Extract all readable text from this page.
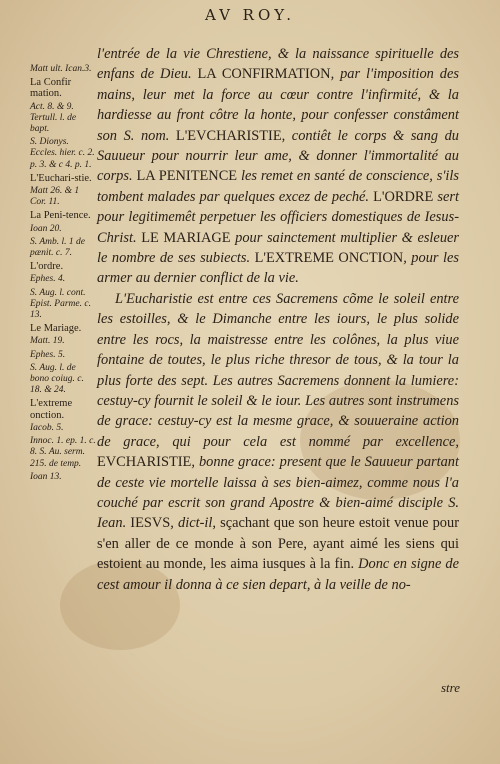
AV ROY.
Matt ult. Ican.3.
La Confir mation.
Act. 8. & 9. Tertull. l. de bapt.
S. Dionys. Eccles. hier. c. 2. p. 3. & c 4. p. 1.
L'Euchari-stie.
Matt 26. & 1 Cor. 11.
La Peni-tence.
Ioan 20.
S. Amb. l. 1 de pænit. c. 7.
L'ordre.
Ephes. 4.
S. Aug. l. cont. Epist. Parme. c. 13.
Le Mariage.
Matt. 19.
Ephes. 5.
S. Aug. l. de bono coiug. c. 18. & 24.
L'extreme onction.
Iacob. 5.
Innoc. 1. ep. 1. c. 8. S. Au. serm. 215. de temp.
Ioan 13.

l'entrée de la vie Chrestiene, & la naissance spirituelle des enfans de Dieu. LA CONFIRMATION, par l'imposition des mains, leur met la force au cœur contre l'infirmité, & la hardiesse au front côtre la honte, pour confesser constâment son S. nom. L'EVCHARISTIE, contiêt le corps & sang du Sauueur pour nourrir leur ame, & donner l'immortalité au corps. LA PENITENCE les remet en santé de conscience, s'ils tombent malades par quelques excez de peché. L'ORDRE sert pour legitimemêt perpetuer les officiers domestiques de Iesus-Christ. LE MARIAGE pour sainctement multiplier & esleuer le nombre de ses subiects. L'EXTREME ONCTION, pour les armer au dernier conflict de la vie.

L'Eucharistie est entre ces Sacremens cõme le soleil entre les estoilles, & le Dimanche entre les iours, le plus solide entre les rocs, la maistresse entre les colônes, la plus viue fontaine de toutes, le plus riche thresor de tous, & la tour la plus forte des sept. Les autres Sacremens donnent la lumiere: cestuy-cy fournit le soleil & le iour. Les autres sont instrumens de grace: cestuy-cy est la mesme grace, & souueraine action de grace, qui pour cela est nommé par excellence, EVCHARISTIE, bonne grace: present que le Sauueur partant de ceste vie mortelle laissa à ses bien-aimez, comme nous l'a couché par escrit son grand Apostre & bien-aimé disciple S. Iean. IESVS, dict-il, sçachant que son heure estoit venue pour s'en aller de ce monde à son Pere, ayant aimé les siens qui estoient au monde, les aima iusques à la fin. Donc en signe de cest amour il donna à ce sien depart, à la veille de no-

stre
